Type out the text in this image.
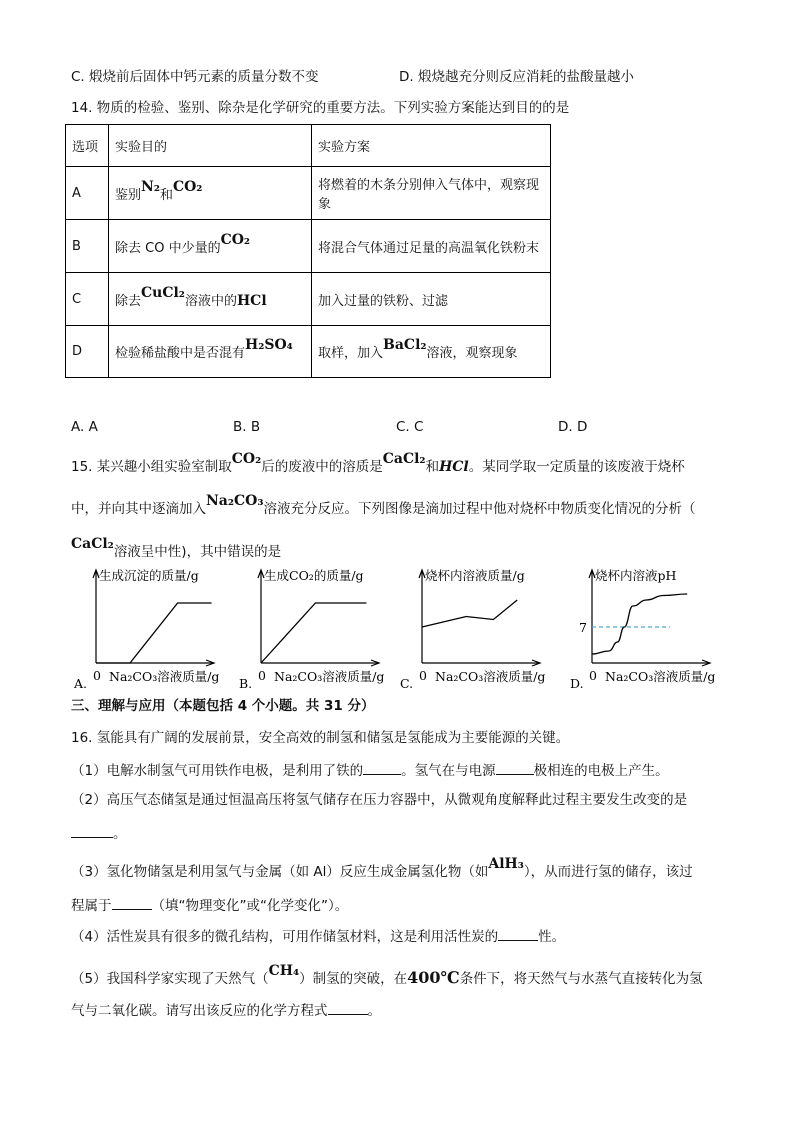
C. 煅烧前后固体中钙元素的质量分数不变	D. 煅烧越充分则反应消耗的盐酸量越小
14. 物质的检验、鉴别、除杂是化学研究的重要方法。下列实验方案能达到目的的是
选项	实验目的	实验方案
A	鉴别N₂和CO₂	将燃着的木条分别伸入气体中，观察现象
B	除去 CO 中少量的CO₂	将混合气体通过足量的高温氧化铁粉末
C	除去CuCl₂溶液中的HCl	加入过量的铁粉、过滤
D	检验稀盐酸中是否混有H₂SO₄	取样，加入BaCl₂溶液，观察现象
A. A	B. B	C. C	D. D
15. 某兴趣小组实验室制取CO₂后的废液中的溶质是CaCl₂和HCl。某同学取一定质量的该废液于烧杯
中，并向其中逐滴加入Na₂CO₃溶液充分反应。下列图像是滴加过程中他对烧杯中物质变化情况的分析（
CaCl₂溶液呈中性)，其中错误的是
生成沉淀的质量/g
Na₂CO₃溶液质量/g
0
A.
生成CO₂的质量/g
Na₂CO₃溶液质量/g
0
B.
烧杯内溶液质量/g
Na₂CO₃溶液质量/g
0
C.
烧杯内溶液pH
Na₂CO₃溶液质量/g
0
D.
7
三、理解与应用（本题包括 4 个小题。共 31 分）
16. 氢能具有广阔的发展前景，安全高效的制氢和储氢是氢能成为主要能源的关键。
（1）电解水制氢气可用铁作电极，是利用了铁的	。氢气在与电源	极相连的电极上产生。
（2）高压气态储氢是通过恒温高压将氢气储存在压力容器中，从微观角度解释此过程主要发生改变的是
。
（3）氢化物储氢是利用氢气与金属（如 Al）反应生成金属氢化物（如AlH₃），从而进行氢的储存，该过
程属于	（填“物理变化”或“化学变化”）。
（4）活性炭具有很多的微孔结构，可用作储氢材料，这是利用活性炭的	性。
（5）我国科学家实现了天然气（CH₄）制氢的突破，在400℃条件下，将天然气与水蒸气直接转化为氢
气与二氧化碳。请写出该反应的化学方程式	。
